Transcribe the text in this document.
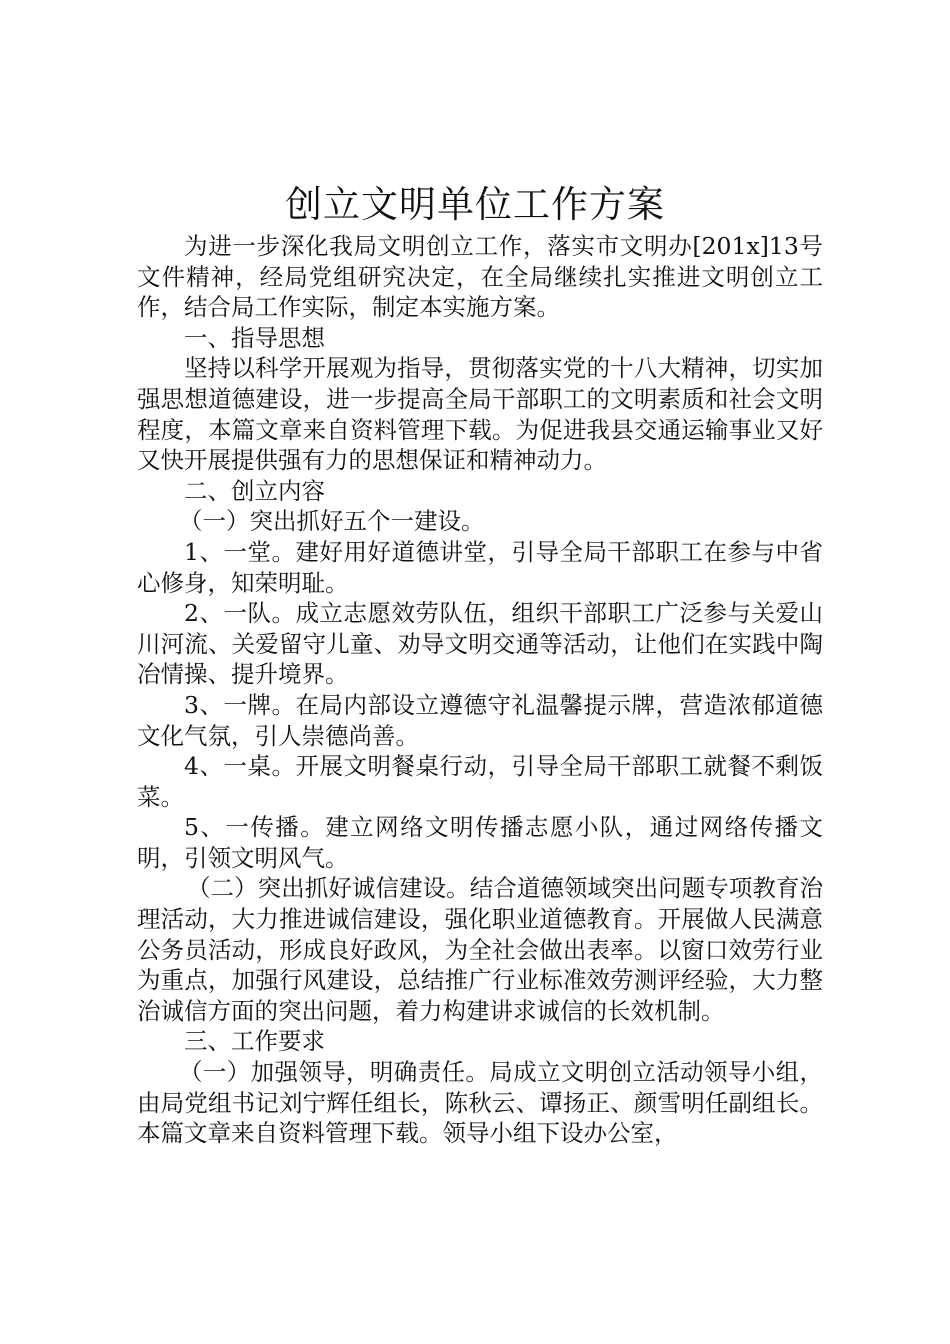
创立文明单位工作方案

为进一步深化我局文明创立工作，落实市文明办[201x]13号文件精神，经局党组研究决定，在全局继续扎实推进文明创立工作，结合局工作实际，制定本实施方案。

一、指导思想

坚持以科学开展观为指导，贯彻落实党的十八大精神，切实加强思想道德建设，进一步提高全局干部职工的文明素质和社会文明程度，本篇文章来自资料管理下载。为促进我县交通运输事业又好又快开展提供强有力的思想保证和精神动力。

二、创立内容

（一）突出抓好五个一建设。

1、一堂。建好用好道德讲堂，引导全局干部职工在参与中省心修身，知荣明耻。

2、一队。成立志愿效劳队伍，组织干部职工广泛参与关爱山川河流、关爱留守儿童、劝导文明交通等活动，让他们在实践中陶冶情操、提升境界。

3、一牌。在局内部设立遵德守礼温馨提示牌，营造浓郁道德文化气氛，引人崇德尚善。

4、一桌。开展文明餐桌行动，引导全局干部职工就餐不剩饭菜。

5、一传播。建立网络文明传播志愿小队，通过网络传播文明，引领文明风气。

（二）突出抓好诚信建设。结合道德领域突出问题专项教育治理活动，大力推进诚信建设，强化职业道德教育。开展做人民满意公务员活动，形成良好政风，为全社会做出表率。以窗口效劳行业为重点，加强行风建设，总结推广行业标准效劳测评经验，大力整治诚信方面的突出问题，着力构建讲求诚信的长效机制。

三、工作要求

（一）加强领导，明确责任。局成立文明创立活动领导小组，由局党组书记刘宁辉任组长，陈秋云、谭扬正、颜雪明任副组长。本篇文章来自资料管理下载。领导小组下设办公室，
